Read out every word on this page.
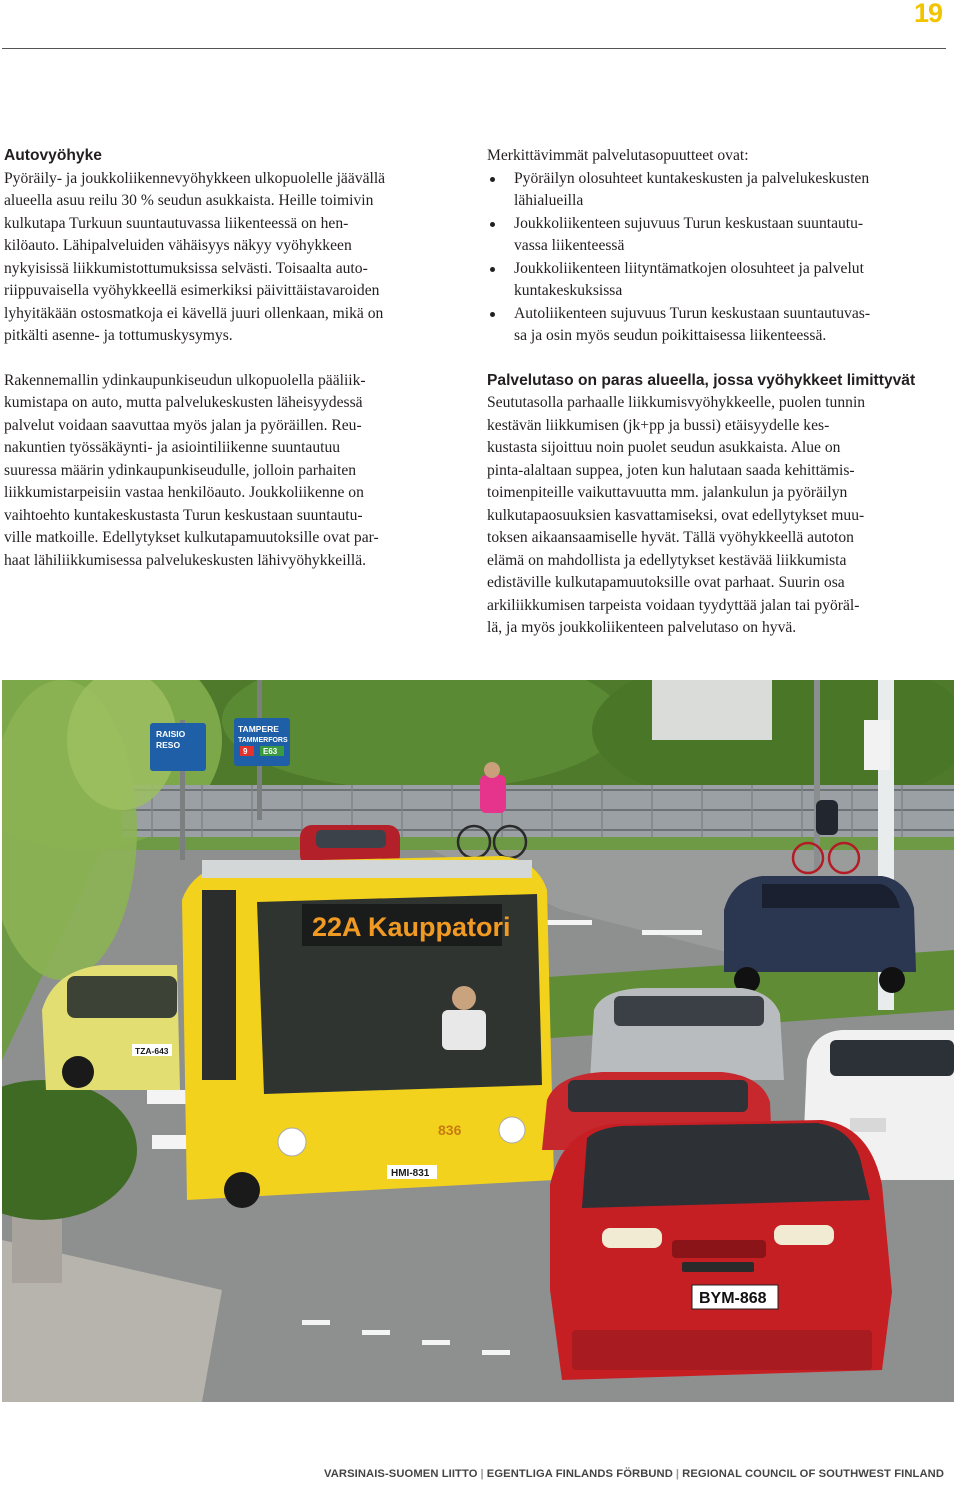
19
Autovyöhyke

Pyöräily- ja joukkoliikennevyöhykkeen ulkopuolelle jäävällä
alueella asuu reilu 30 % seudun asukkaista. Heille toimivin
kulkutapa Turkuun suuntautuvassa liikenteessä on hen-
kilöauto. Lähipalveluiden vähäisyys näkyy vyöhykkeen
nykyisissä liikkumistottumuksissa selvästi. Toisaalta auto-
riippuvaisella vyöhykkeellä esimerkiksi päivittäistavaroiden
lyhyitäkään ostosmatkoja ei kävellä juuri ollenkaan, mikä on
pitkälti asenne- ja tottumuskysymys.

Rakennemallin ydinkaupunkiseudun ulkopuolella pääliik-
kumistapa on auto, mutta palvelukeskusten läheisyydessä
palvelut voidaan saavuttaa myös jalan ja pyöräillen. Reu-
nakuntien työssäkäynti- ja asiointiliikenne suuntautuu
suuressa määrin ydinkaupunkiseudulle, jolloin parhaiten
liikkumistarpeisiin vastaa henkilöauto. Joukkoliikenne on
vaihtoehto kuntakeskustasta Turun keskustaan suuntautu-
ville matkoille. Edellytykset kulkutapamuutoksille ovat par-
haat lähiliikkumisessa palvelukeskusten lähivyöhykkeillä.

Merkittävimmät palvelutasopuutteet ovat:

Pyöräilyn olosuhteet kuntakeskusten ja palvelukeskusten
lähialueilla
Joukkoliikenteen sujuvuus Turun keskustaan suuntautu-
vassa liikenteessä
Joukkoliikenteen liityntämatkojen olosuhteet ja palvelut
kuntakeskuksissa
Autoliikenteen sujuvuus Turun keskustaan suuntautuvas-
sa ja osin myös seudun poikittaisessa liikenteessä.
Palvelutaso on paras alueella, jossa vyöhykkeet limittyvät

Seututasolla parhaalle liikkumisvyöhykkeelle, puolen tunnin
kestävän liikkumisen (jk+pp ja bussi) etäisyydelle kes-
kustasta sijoittuu noin puolet seudun asukkaista. Alue on
pinta-alaltaan suppea, joten kun halutaan saada kehittämis-
toimenpiteille vaikuttavuutta mm. jalankulun ja pyöräilyn
kulkutapaosuuksien kasvattamiseksi, ovat edellytykset muu-
toksen aikaansaamiselle hyvät. Tällä vyöhykkeellä autoton
elämä on mahdollista ja edellytykset kestävää liikkumista
edistäville kulkutapamuutoksille ovat parhaat. Suurin osa
arkiliikkumisen tarpeista voidaan tyydyttää jalan tai pyöräl-
lä, ja myös joukkoliikenteen palvelutaso on hyvä.

RAISIO
RESO
TAMPERE
TAMMERFORS
9 E63
TZA-643
22A Kauppatori
836
HMI-831
BYM-868
VARSINAIS-SUOMEN LIITTO | EGENTLIGA FINLANDS FÖRBUND | REGIONAL COUNCIL OF SOUTHWEST FINLAND
